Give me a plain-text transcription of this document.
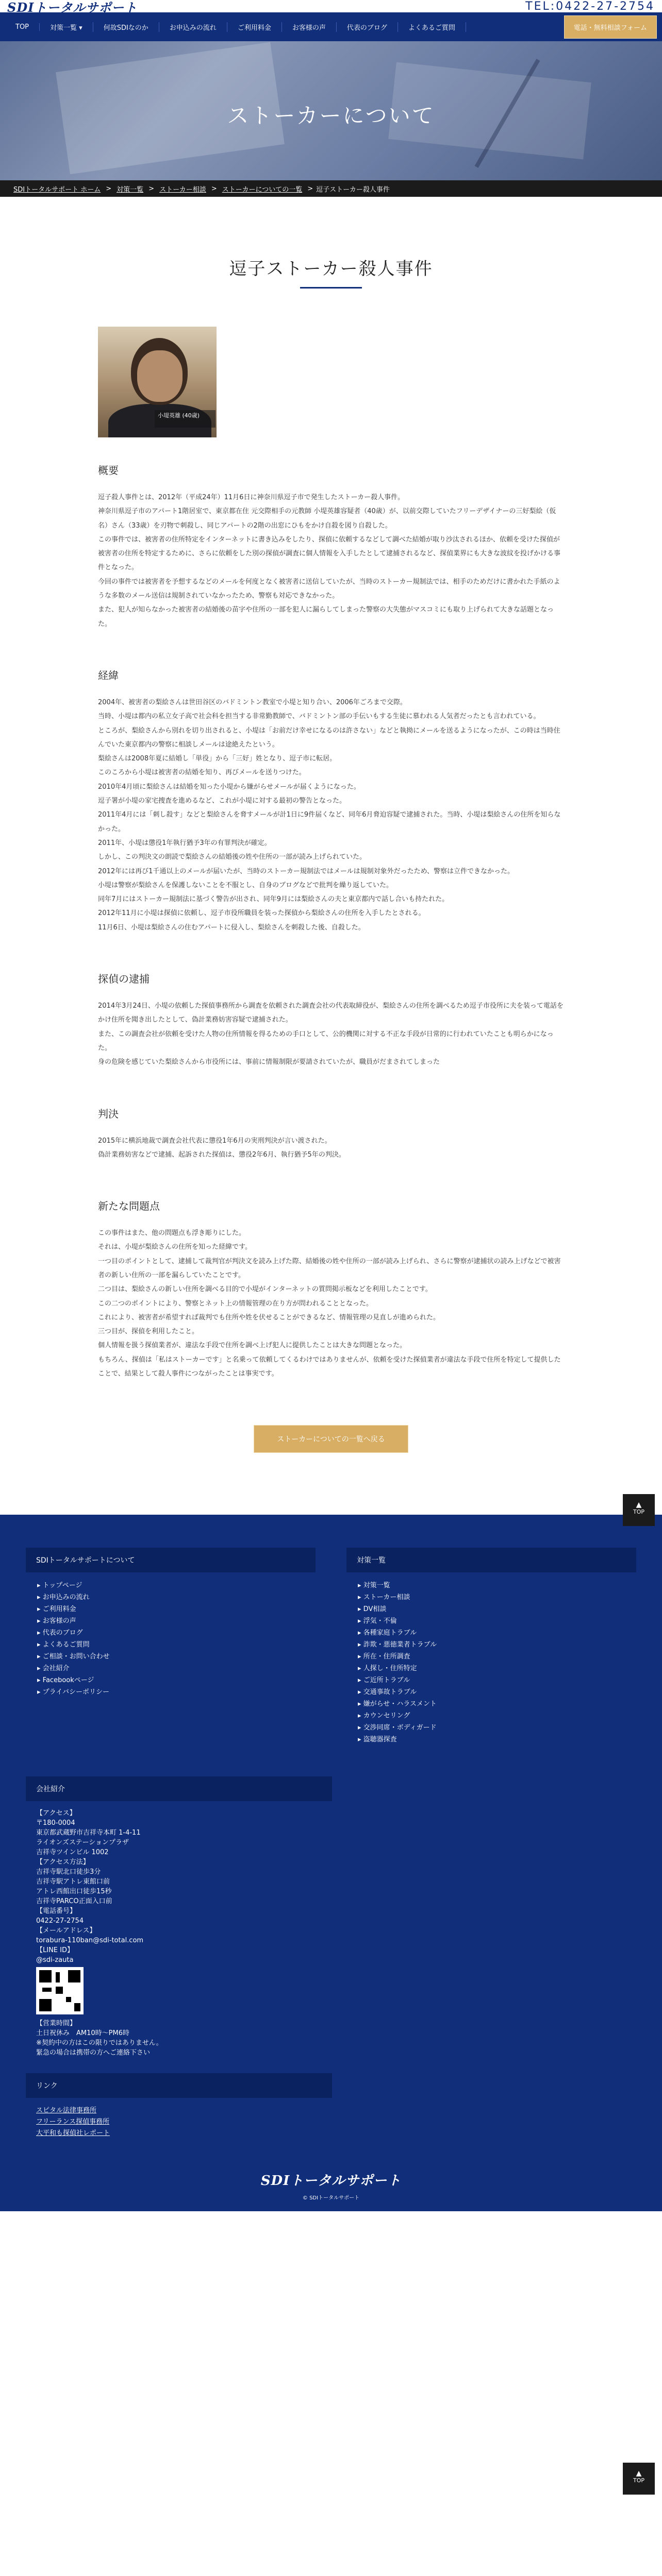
SDIトータルサポート	TEL:0422-27-2754
TOP	対策一覧 ▾	何故SDIなのか	お申込みの流れ	ご利用料金	お客様の声	代表のブログ	よくあるご質問	電話・無料相談フォーム
ストーカーについて
SDIトータルサポート ホーム > 対策一覧 > ストーカー相談 > ストーカーについての一覧 > 逗子ストーカー殺人事件
逗子ストーカー殺人事件
小堤英雄 (40歳)
概要

逗子殺人事件とは、2012年（平成24年）11月6日に神奈川県逗子市で発生したストーカー殺人事件。

神奈川県逗子市のアパート1階居室で、東京都在住 元交際相手の元教師 小堤英雄容疑者（40歳）が、以前交際していたフリーデザイナーの三好梨絵（仮名）さん（33歳）を刃物で刺殺し、同じアパートの2階の出窓にひもをかけ自殺を図り自殺した。

この事件では、被害者の住所特定をインターネットに書き込みをしたり、探偵に依頼するなどして調べた結婚が取り沙汰されるほか、依頼を受けた探偵が被害者の住所を特定するために、さらに依頼をした別の探偵が調査に個人情報を入手したとして逮捕されるなど、探偵業界にも大きな波紋を投げかける事件となった。

今回の事件では被害者を予想するなどのメールを何度となく被害者に送信していたが、当時のストーカー規制法では、相手のためだけに書かれた手紙のような多数のメール送信は規制されていなかったため、警察も対応できなかった。

また、犯人が知らなかった被害者の結婚後の苗字や住所の一部を犯人に漏らしてしまった警察の大失態がマスコミにも取り上げられて大きな話題となった。

経緯

2004年、被害者の梨絵さんは世田谷区のバドミントン教室で小堤と知り合い、2006年ごろまで交際。

当時、小堤は都内の私立女子高で社会科を担当する非常勤教師で、バドミントン部の手伝いもする生徒に慕われる人気者だったとも言われている。

ところが、梨絵さんから別れを切り出されると、小堤は「お前だけ幸せになるのは許さない」などと執拗にメールを送るようになったが、この時は当時住んでいた東京都内の警察に相談しメールは途絶えたという。

梨絵さんは2008年夏に結婚し「単役」から「三好」姓となり、逗子市に転居。

このころから小堤は被害者の結婚を知り、再びメールを送りつけた。

2010年4月頃に梨絵さんは結婚を知った小堤から嫌がらせメールが届くようになった。

逗子署が小堤の家宅捜査を進めるなど、これが小堤に対する最初の警告となった。

2011年4月には「刺し殺す」などと梨絵さんを脅すメールが計1日に9件届くなど、同年6月脅迫容疑で逮捕された。当時、小堤は梨絵さんの住所を知らなかった。

2011年、小堤は懲役1年執行猶予3年の有罪判決が確定。

しかし、この判決文の朗読で梨絵さんの結婚後の姓や住所の一部が読み上げられていた。

2012年には再び1千通以上のメールが届いたが、当時のストーカー規制法ではメールは規制対象外だったため、警察は立件できなかった。

小堤は警察が梨絵さんを保護しないことを不服とし、自身のブログなどで批判を繰り返していた。

同年7月にはストーカー規制法に基づく警告が出され、同年9月には梨絵さんの夫と東京都内で話し合いも持たれた。

2012年11月に小堤は探偵に依頼し、逗子市役所職員を装った探偵から梨絵さんの住所を入手したとされる。

11月6日、小堤は梨絵さんの住むアパートに侵入し、梨絵さんを刺殺した後、自殺した。

探偵の逮捕

2014年3月24日、小堤の依頼した探偵事務所から調査を依頼された調査会社の代表取締役が、梨絵さんの住所を調べるため逗子市役所に夫を装って電話をかけ住所を聞き出したとして、偽計業務妨害容疑で逮捕された。

また、この調査会社が依頼を受けた人物の住所情報を得るための手口として、公的機関に対する不正な手段が日常的に行われていたことも明らかになった。

身の危険を感じていた梨絵さんから市役所には、事前に情報制限が要請されていたが、職員がだまされてしまった

判決

2015年に横浜地裁で調査会社代表に懲役1年6月の実刑判決が言い渡された。

偽計業務妨害などで逮捕、起訴された探偵は、懲役2年6月、執行猶予5年の判決。

新たな問題点

この事件はまた、他の問題点も浮き彫りにした。

それは、小堤が梨絵さんの住所を知った経緯です。

一つ目のポイントとして、逮捕して裁判官が判決文を読み上げた際、結婚後の姓や住所の一部が読み上げられ、さらに警察が逮捕状の読み上げなどで被害者の新しい住所の一部を漏らしていたことです。

二つ目は、梨絵さんの新しい住所を調べる目的で小堤がインターネットの質問掲示板などを利用したことです。

この二つのポイントにより、警察とネット上の情報管理の在り方が問われることとなった。

これにより、被害者が希望すれば裁判でも住所や姓を伏せることができるなど、情報管理の見直しが進められた。

三つ目が、探偵を利用したこと。

個人情報を扱う探偵業者が、違法な手段で住所を調べ上げ犯人に提供したことは大きな問題となった。

もちろん、探偵は「私はストーカーです」と名乗って依頼してくるわけではありませんが、依頼を受けた探偵業者が違法な手段で住所を特定して提供したことで、結果として殺人事件につながったことは事実です。

ストーカーについての一覧へ戻る
SDIトータルサポートについて
▸ トップページ
▸ お申込みの流れ
▸ ご利用料金
▸ お客様の声
▸ 代表のブログ
▸ よくあるご質問
▸ ご相談・お問い合わせ
▸ 会社紹介
▸ Facebookページ
▸ プライバシーポリシー
対策一覧
▸ 対策一覧
▸ ストーカー相談
▸ DV相談
▸ 浮気・不倫
▸ 各種家庭トラブル
▸ 詐欺・悪徳業者トラブル
▸ 所在・住所調査
▸ 人探し・住所特定
▸ ご近所トラブル
▸ 交通事故トラブル
▸ 嫌がらせ・ハラスメント
▸ カウンセリング
▸ 交渉同席・ボディガード
▸ 盗聴器探査
会社紹介
【アクセス】
〒180-0004
東京都武蔵野市吉祥寺本町 1-4-11
ライオンズステーションプラザ
吉祥寺ツインビル 1002
【アクセス方法】
吉祥寺駅北口徒歩3分
吉祥寺駅アトレ東館口前
アトレ西館出口徒歩15秒
吉祥寺PARCO正面入口前
【電話番号】
0422-27-2754
【メールアドレス】
torabura-110ban@sdi-total.com
【LINE ID】
@sdi-zauta
【営業時間】
土日祝休み　AM10時〜PM6時
※契約中の方はこの限りではありません。
緊急の場合は携帯の方へご連絡下さい
リンク
スピタル法律事務所
フリーランス探偵事務所
大平和も探偵社レポート
SDIトータルサポート
© SDIトータルサポート
▲
TOP
▲
TOP
